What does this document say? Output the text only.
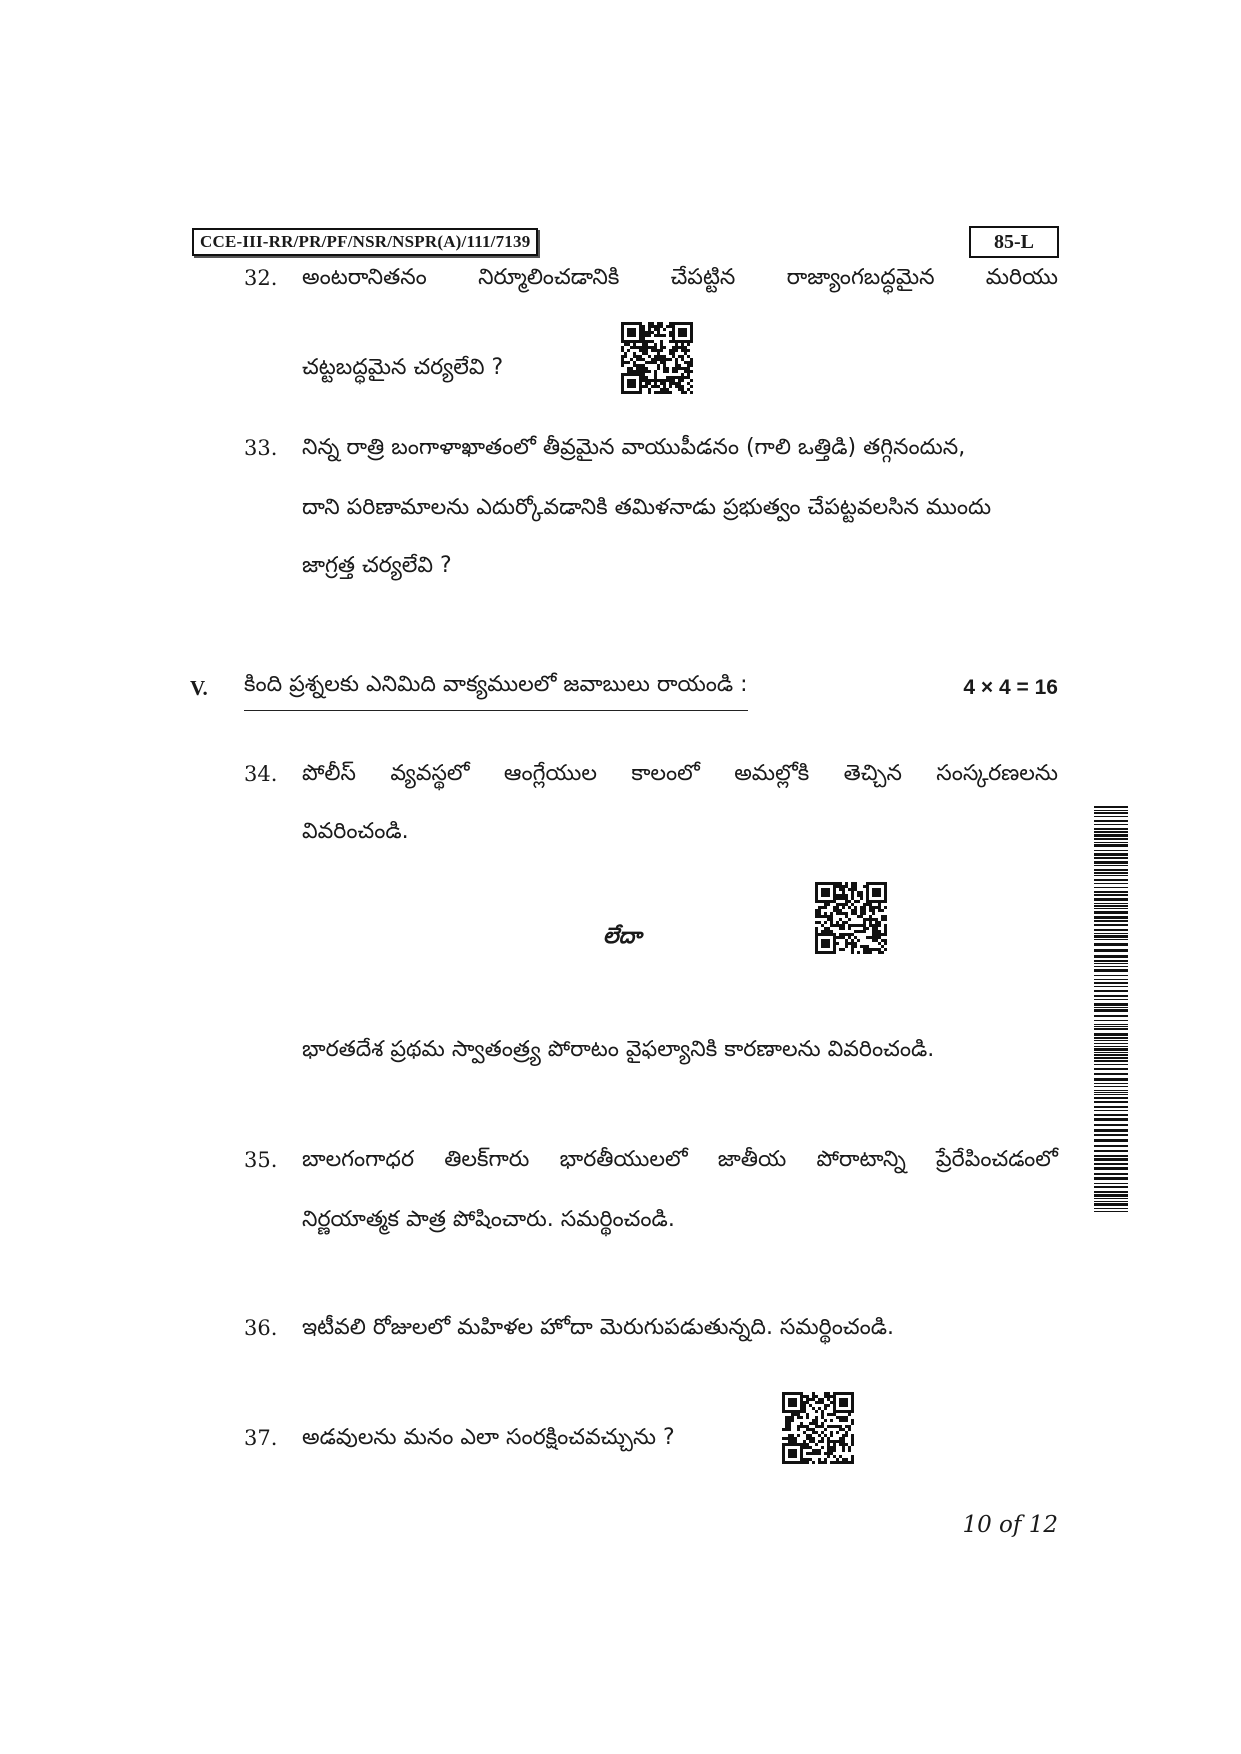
CCE-III-RR/PR/PF/NSR/NSPR(A)/111/7139	85-L
32.	అంటరానితనం నిర్మూలించడానికి చేపట్టిన రాజ్యాంగబద్ధమైన మరియు
చట్టబద్ధమైన చర్యలేవి ?
33.	నిన్న రాత్రి బంగాళాఖాతంలో తీవ్రమైన వాయుపీడనం (గాలి ఒత్తిడి) తగ్గినందున,
దాని పరిణామాలను ఎదుర్కోవడానికి తమిళనాడు ప్రభుత్వం చేపట్టవలసిన ముందు
జాగ్రత్త చర్యలేవి ?
V. కింది ప్రశ్నలకు ఎనిమిది వాక్యములలో జవాబులు రాయండి :	4 × 4 = 16
34.	పోలీస్ వ్యవస్థలో ఆంగ్లేయుల కాలంలో అమల్లోకి తెచ్చిన సంస్కరణలను
వివరించండి.
లేదా
భారతదేశ ప్రథమ స్వాతంత్ర్య పోరాటం వైఫల్యానికి కారణాలను వివరించండి.
35.	బాలగంగాధర తిలక్‌గారు భారతీయులలో జాతీయ పోరాటాన్ని ప్రేరేపించడంలో
నిర్ణయాత్మక పాత్ర పోషించారు. సమర్థించండి.
36.	ఇటీవలి రోజులలో మహిళల హోదా మెరుగుపడుతున్నది. సమర్థించండి.
37.	అడవులను మనం ఎలా సంరక్షించవచ్చును ?
10 of 12
